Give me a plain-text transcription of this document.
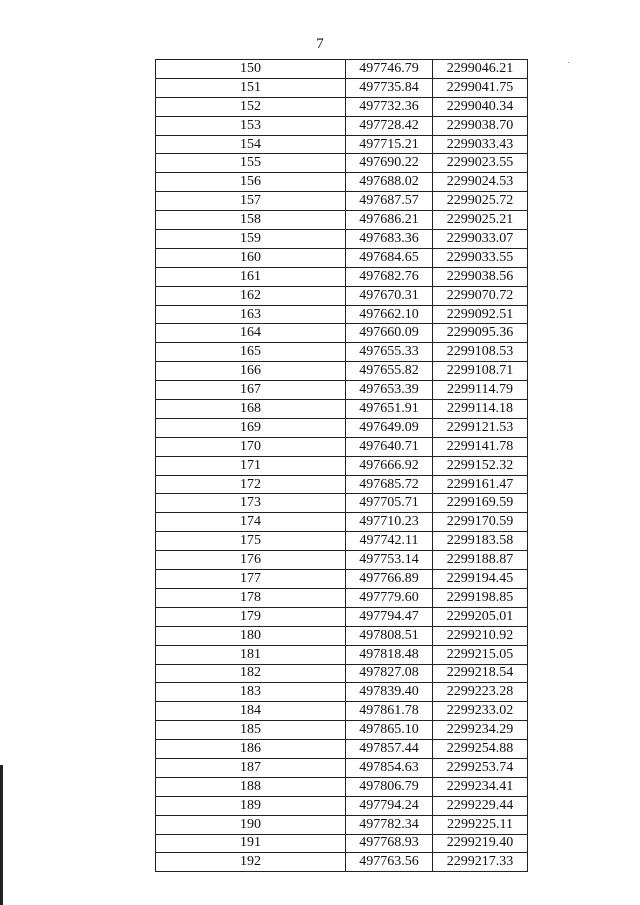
7
150	497746.79	2299046.21
151	497735.84	2299041.75
152	497732.36	2299040.34
153	497728.42	2299038.70
154	497715.21	2299033.43
155	497690.22	2299023.55
156	497688.02	2299024.53
157	497687.57	2299025.72
158	497686.21	2299025.21
159	497683.36	2299033.07
160	497684.65	2299033.55
161	497682.76	2299038.56
162	497670.31	2299070.72
163	497662.10	2299092.51
164	497660.09	2299095.36
165	497655.33	2299108.53
166	497655.82	2299108.71
167	497653.39	2299114.79
168	497651.91	2299114.18
169	497649.09	2299121.53
170	497640.71	2299141.78
171	497666.92	2299152.32
172	497685.72	2299161.47
173	497705.71	2299169.59
174	497710.23	2299170.59
175	497742.11	2299183.58
176	497753.14	2299188.87
177	497766.89	2299194.45
178	497779.60	2299198.85
179	497794.47	2299205.01
180	497808.51	2299210.92
181	497818.48	2299215.05
182	497827.08	2299218.54
183	497839.40	2299223.28
184	497861.78	2299233.02
185	497865.10	2299234.29
186	497857.44	2299254.88
187	497854.63	2299253.74
188	497806.79	2299234.41
189	497794.24	2299229.44
190	497782.34	2299225.11
191	497768.93	2299219.40
192	497763.56	2299217.33
